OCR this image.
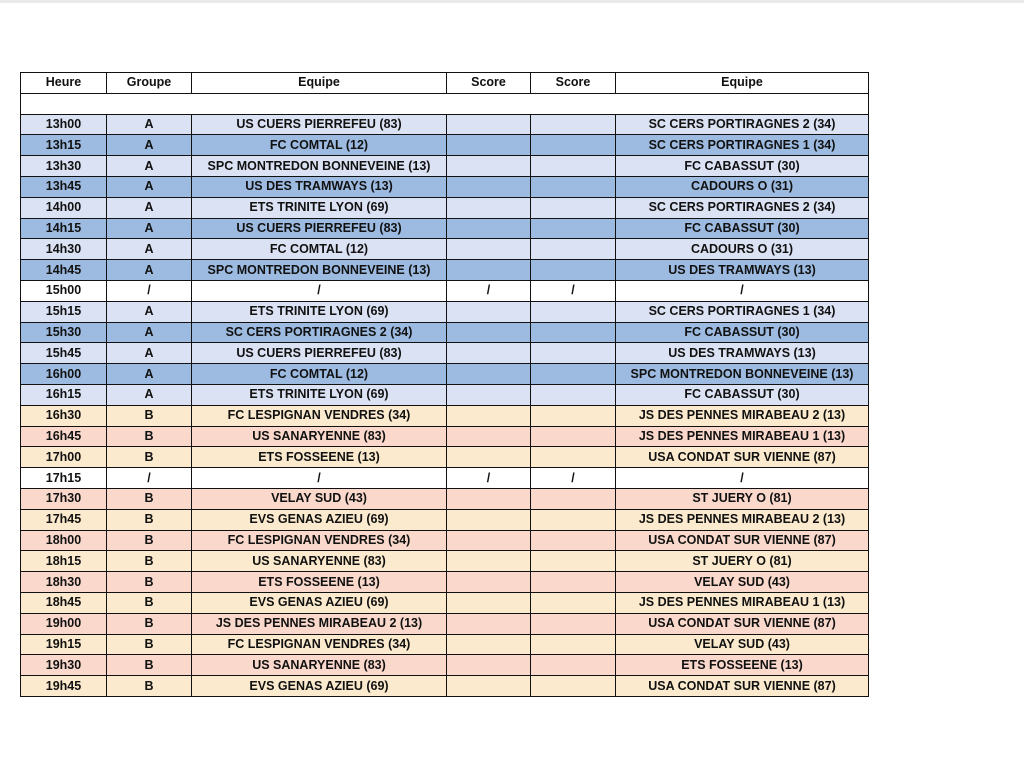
Heure	Groupe	Equipe	Score	Score	Equipe

13h00	A	US CUERS PIERREFEU (83)			SC CERS PORTIRAGNES 2 (34)
13h15	A	FC COMTAL (12)			SC CERS PORTIRAGNES 1 (34)
13h30	A	SPC MONTREDON BONNEVEINE (13)			FC CABASSUT (30)
13h45	A	US DES TRAMWAYS (13)			CADOURS O (31)
14h00	A	ETS TRINITE LYON (69)			SC CERS PORTIRAGNES 2 (34)
14h15	A	US CUERS PIERREFEU (83)			FC CABASSUT (30)
14h30	A	FC COMTAL (12)			CADOURS O (31)
14h45	A	SPC MONTREDON BONNEVEINE (13)			US DES TRAMWAYS (13)
15h00	/	/	/	/	/
15h15	A	ETS TRINITE LYON (69)			SC CERS PORTIRAGNES 1 (34)
15h30	A	SC CERS PORTIRAGNES 2 (34)			FC CABASSUT (30)
15h45	A	US CUERS PIERREFEU (83)			US DES TRAMWAYS (13)
16h00	A	FC COMTAL (12)			SPC MONTREDON BONNEVEINE (13)
16h15	A	ETS TRINITE LYON (69)			FC CABASSUT (30)
16h30	B	FC LESPIGNAN VENDRES (34)			JS DES PENNES MIRABEAU 2 (13)
16h45	B	US SANARYENNE (83)			JS DES PENNES MIRABEAU 1 (13)
17h00	B	ETS FOSSEENE (13)			USA CONDAT SUR VIENNE (87)
17h15	/	/	/	/	/
17h30	B	VELAY SUD (43)			ST JUERY O (81)
17h45	B	EVS GENAS AZIEU (69)			JS DES PENNES MIRABEAU 2 (13)
18h00	B	FC LESPIGNAN VENDRES (34)			USA CONDAT SUR VIENNE (87)
18h15	B	US SANARYENNE (83)			ST JUERY O (81)
18h30	B	ETS FOSSEENE (13)			VELAY SUD (43)
18h45	B	EVS GENAS AZIEU (69)			JS DES PENNES MIRABEAU 1 (13)
19h00	B	JS DES PENNES MIRABEAU 2 (13)			USA CONDAT SUR VIENNE (87)
19h15	B	FC LESPIGNAN VENDRES (34)			VELAY SUD (43)
19h30	B	US SANARYENNE (83)			ETS FOSSEENE (13)
19h45	B	EVS GENAS AZIEU (69)			USA CONDAT SUR VIENNE (87)
